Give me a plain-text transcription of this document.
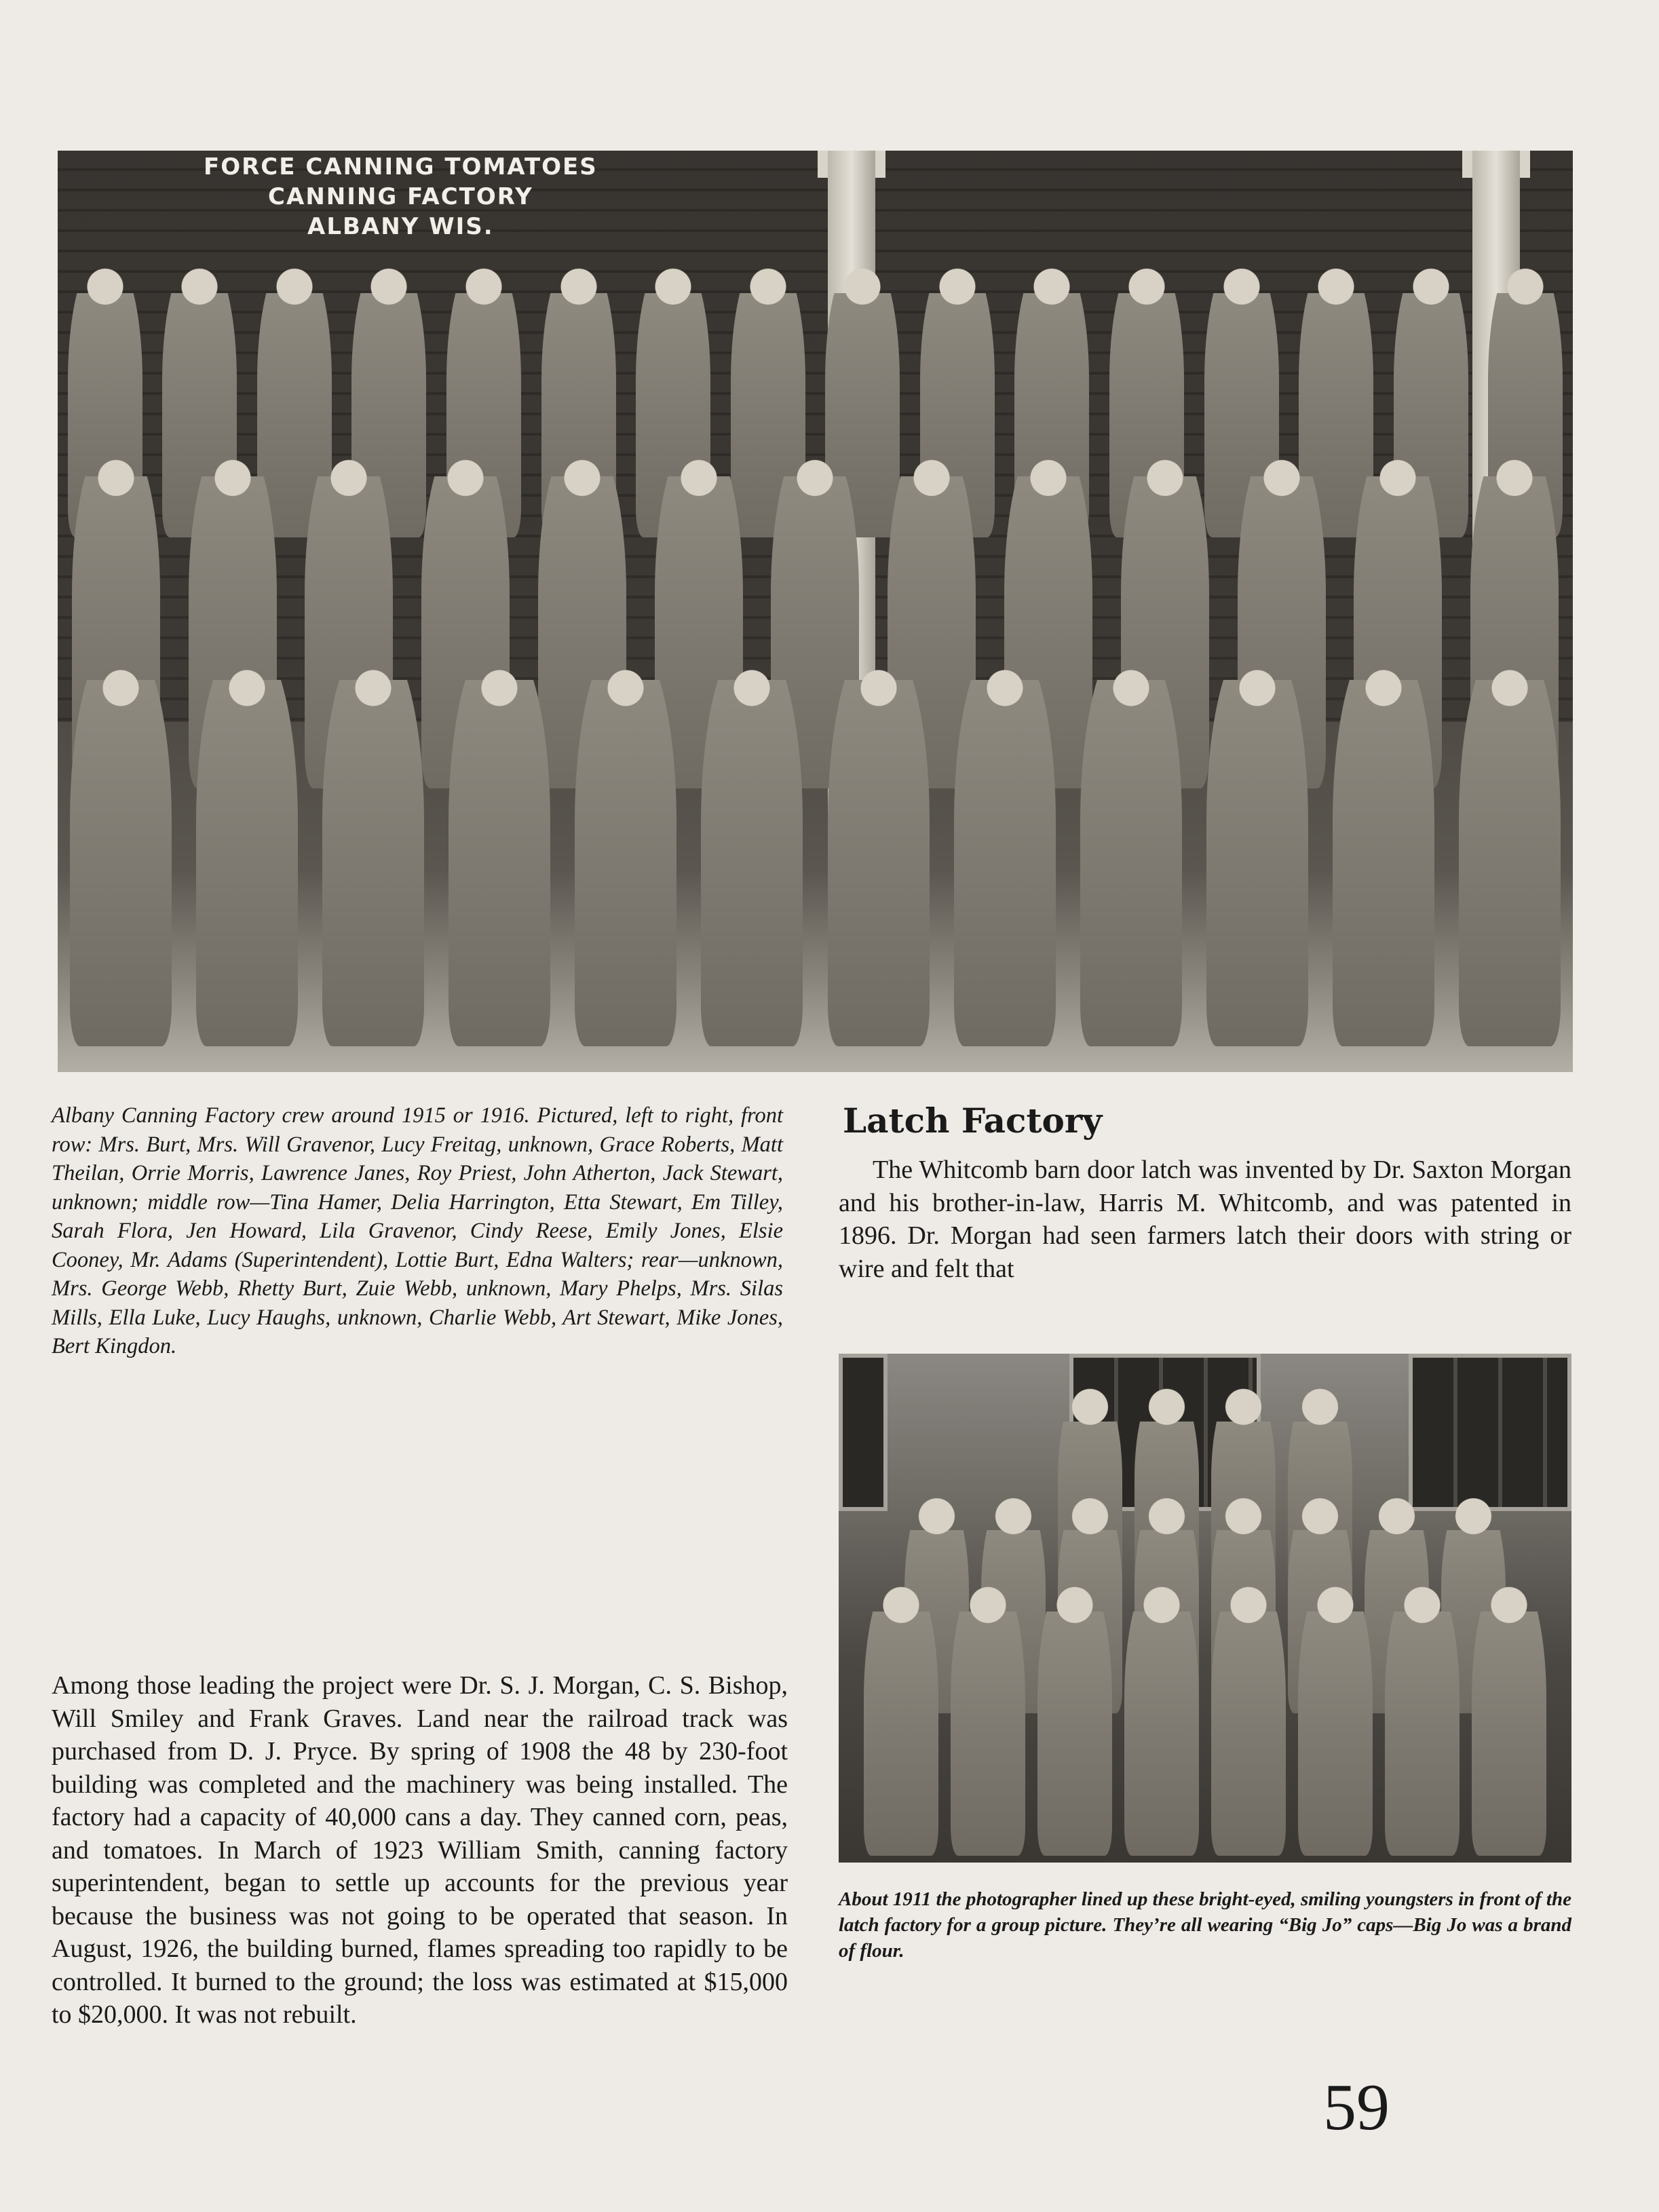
FORCE CANNING TOMATOES
CANNING FACTORY
ALBANY WIS.
Albany Canning Factory crew around 1915 or 1916. Pictured, left to right, front row: Mrs. Burt, Mrs. Will Gravenor, Lucy Freitag, unknown, Grace Roberts, Matt Theilan, Orrie Morris, Lawrence Janes, Roy Priest, John Atherton, Jack Stewart, unknown; middle row—Tina Hamer, Delia Harrington, Etta Stewart, Em Tilley, Sarah Flora, Jen Howard, Lila Gravenor, Cindy Reese, Emily Jones, Elsie Cooney, Mr. Adams (Superintendent), Lottie Burt, Edna Walters; rear—unknown, Mrs. George Webb, Rhetty Burt, Zuie Webb, unknown, Mary Phelps, Mrs. Silas Mills, Ella Luke, Lucy Haughs, unknown, Charlie Webb, Art Stewart, Mike Jones, Bert Kingdon.
Latch Factory
The Whitcomb barn door latch was invented by Dr. Saxton Morgan and his brother-in-law, Harris M. Whitcomb, and was patented in 1896. Dr. Morgan had seen farmers latch their doors with string or wire and felt that
About 1911 the photographer lined up these bright-eyed, smiling youngsters in front of the latch factory for a group picture. They’re all wearing “Big Jo” caps—Big Jo was a brand of flour.
Among those leading the project were Dr. S. J. Morgan, C. S. Bishop, Will Smiley and Frank Graves. Land near the railroad track was purchased from D. J. Pryce. By spring of 1908 the 48 by 230-foot building was completed and the machinery was being installed. The factory had a capacity of 40,000 cans a day. They canned corn, peas, and tomatoes. In March of 1923 William Smith, canning factory superintendent, began to settle up accounts for the previous year because the business was not going to be operated that season. In August, 1926, the building burned, flames spreading too rapidly to be controlled. It burned to the ground; the loss was estimated at $15,000 to $20,000. It was not rebuilt.
59
